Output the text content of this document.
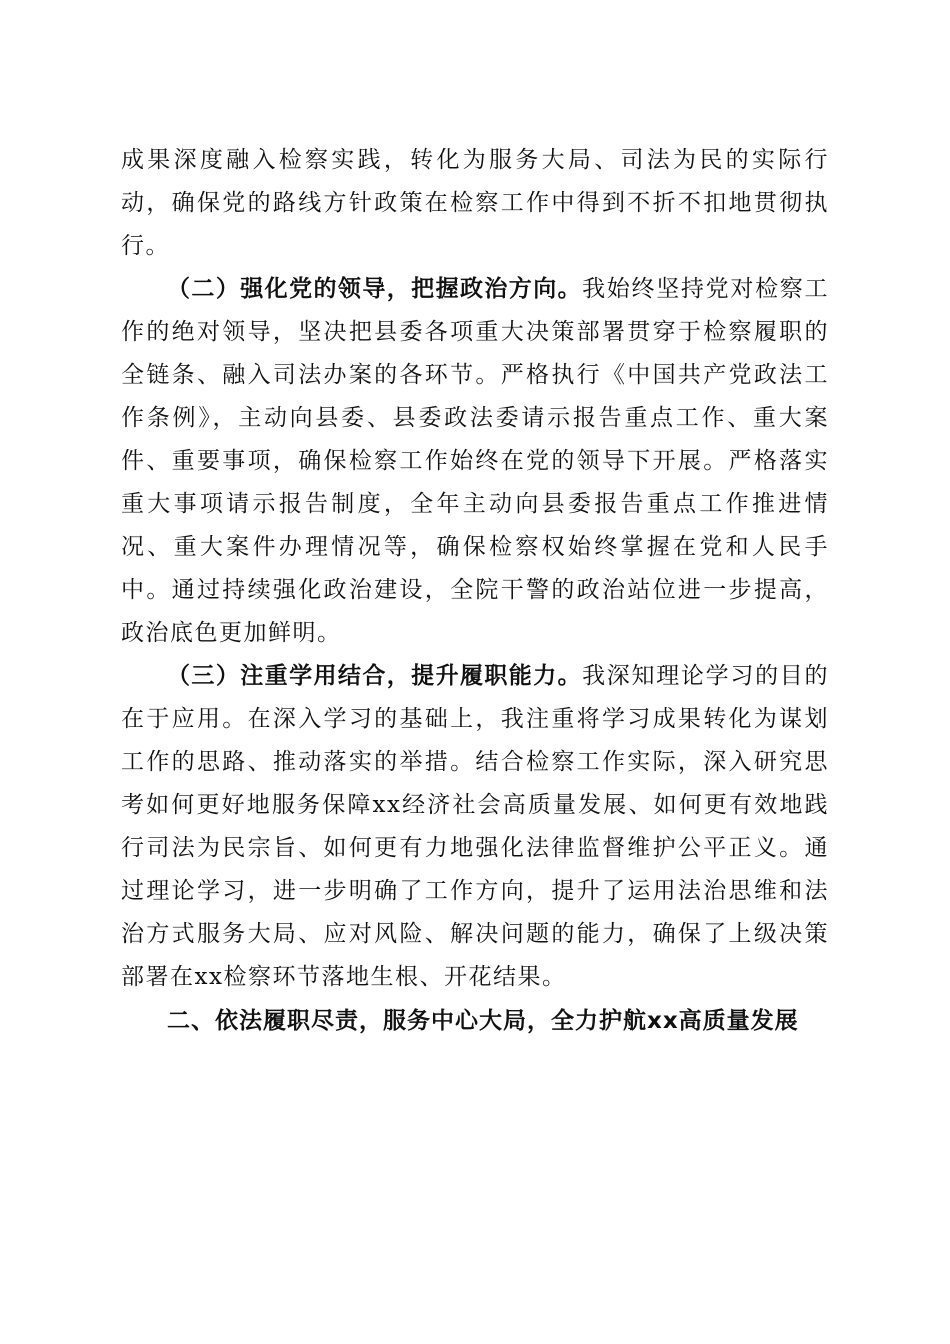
成果深度融入检察实践，转化为服务大局、司法为民的实际行动，确保党的路线方针政策在检察工作中得到不折不扣地贯彻执行。

（二）强化党的领导，把握政治方向。我始终坚持党对检察工作的绝对领导，坚决把县委各项重大决策部署贯穿于检察履职的全链条、融入司法办案的各环节。严格执行《中国共产党政法工作条例》，主动向县委、县委政法委请示报告重点工作、重大案件、重要事项，确保检察工作始终在党的领导下开展。严格落实重大事项请示报告制度，全年主动向县委报告重点工作推进情况、重大案件办理情况等，确保检察权始终掌握在党和人民手中。通过持续强化政治建设，全院干警的政治站位进一步提高，政治底色更加鲜明。

（三）注重学用结合，提升履职能力。我深知理论学习的目的在于应用。在深入学习的基础上，我注重将学习成果转化为谋划工作的思路、推动落实的举措。结合检察工作实际，深入研究思考如何更好地服务保障xx经济社会高质量发展、如何更有效地践行司法为民宗旨、如何更有力地强化法律监督维护公平正义。通过理论学习，进一步明确了工作方向，提升了运用法治思维和法治方式服务大局、应对风险、解决问题的能力，确保了上级决策部署在xx检察环节落地生根、开花结果。

二、依法履职尽责，服务中心大局，全力护航xx高质量发展
